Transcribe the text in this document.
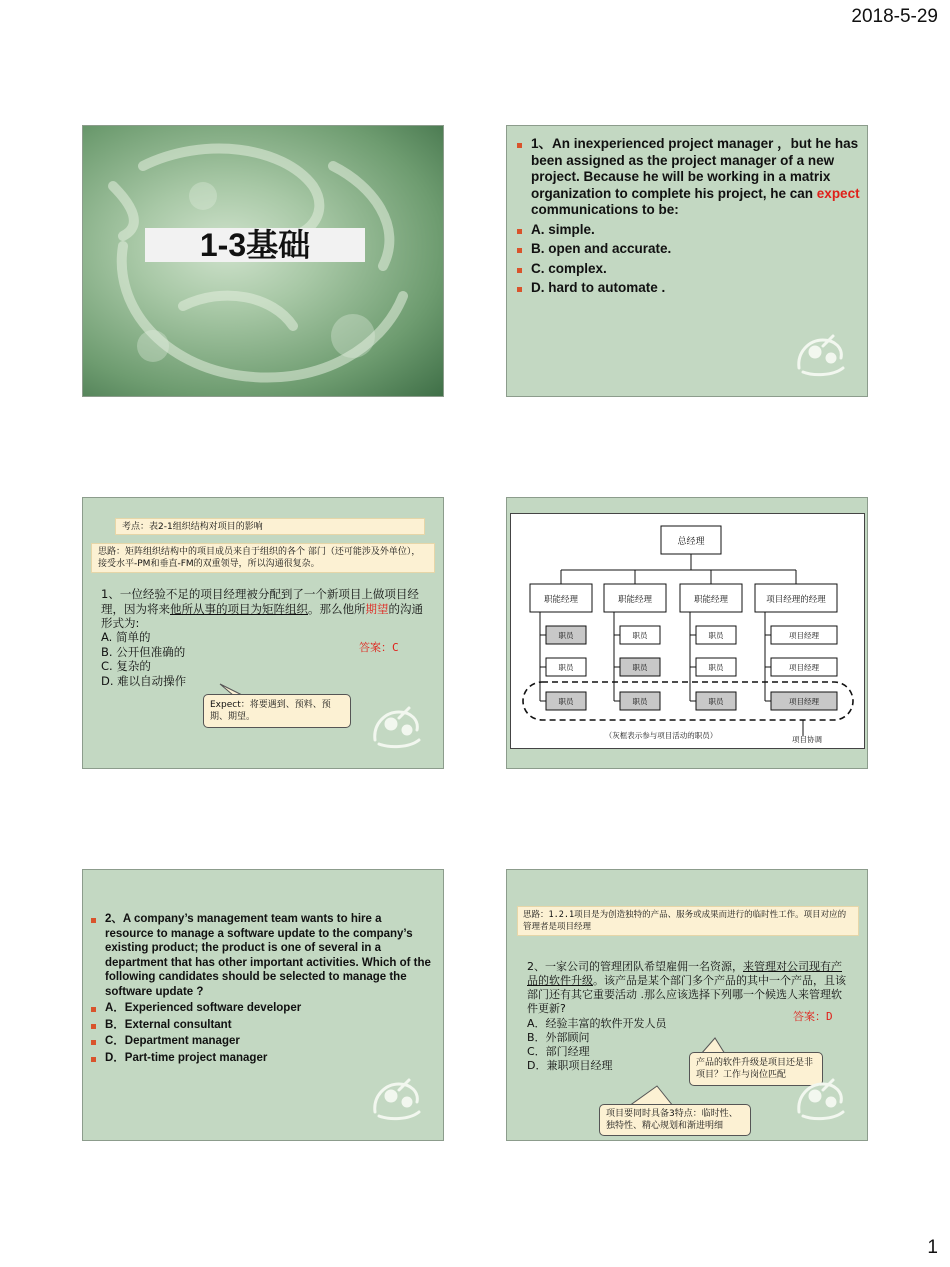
2018-5-29
1-3基础
1、An inexperienced project manager ，but he has been assigned as the project manager of a new project. Because he will be working in a matrix organization to complete his project, he can expect communications to be:
A. simple.
B. open and accurate.
C. complex.
D. hard to automate .
考点：表2-1组织结构对项目的影响
思路：矩阵组织结构中的项目成员来自于组织的各个 部门（还可能涉及外单位），接受水平-PM和垂直-FM的双重领导，所以沟通很复杂。
1、一位经验不足的项目经理被分配到了一个新项目上做项目经理，因为将来他所从事的项目为矩阵组织。那么他所期望的沟通形式为:
A. 简单的
B. 公开但准确的
C. 复杂的
D. 难以自动操作
答案：C
Expect：将要遇到、预料、预期、期望。
总经理
职能经理
职员
职员
职员
职能经理
职员
职员
职员
职能经理
职员
职员
职员
项目经理的经理
项目经理
项目经理
项目经理
（灰框表示参与项目活动的职员）	项目协调
2、A company’s management team wants to hire a resource to manage a software update to the company’s existing product; the product is one of several in a department that has other important activities. Which of the following candidates should be selected to manage the software update ?
A．Experienced software developer
B．External consultant
C．Department manager
D．Part-time project manager
思路：1.2.1项目是为创造独特的产品、服务或成果而进行的临时性工作。项目对应的管理者是项目经理
2、一家公司的管理团队希望雇佣一名资源，来管理对公司现有产品的软件升级。该产品是某个部门多个产品的其中一个产品，且该部门还有其它重要活动 .那么应该选择下列哪一个候选人来管理软件更新?
A．经验丰富的软件开发人员
B．外部顾问
C．部门经理
D．兼职项目经理
答案：D
产品的软件升级是项目还是非项目？工作与岗位匹配
项目要同时具备3特点：临时性、独特性、精心规划和渐进明细
1
